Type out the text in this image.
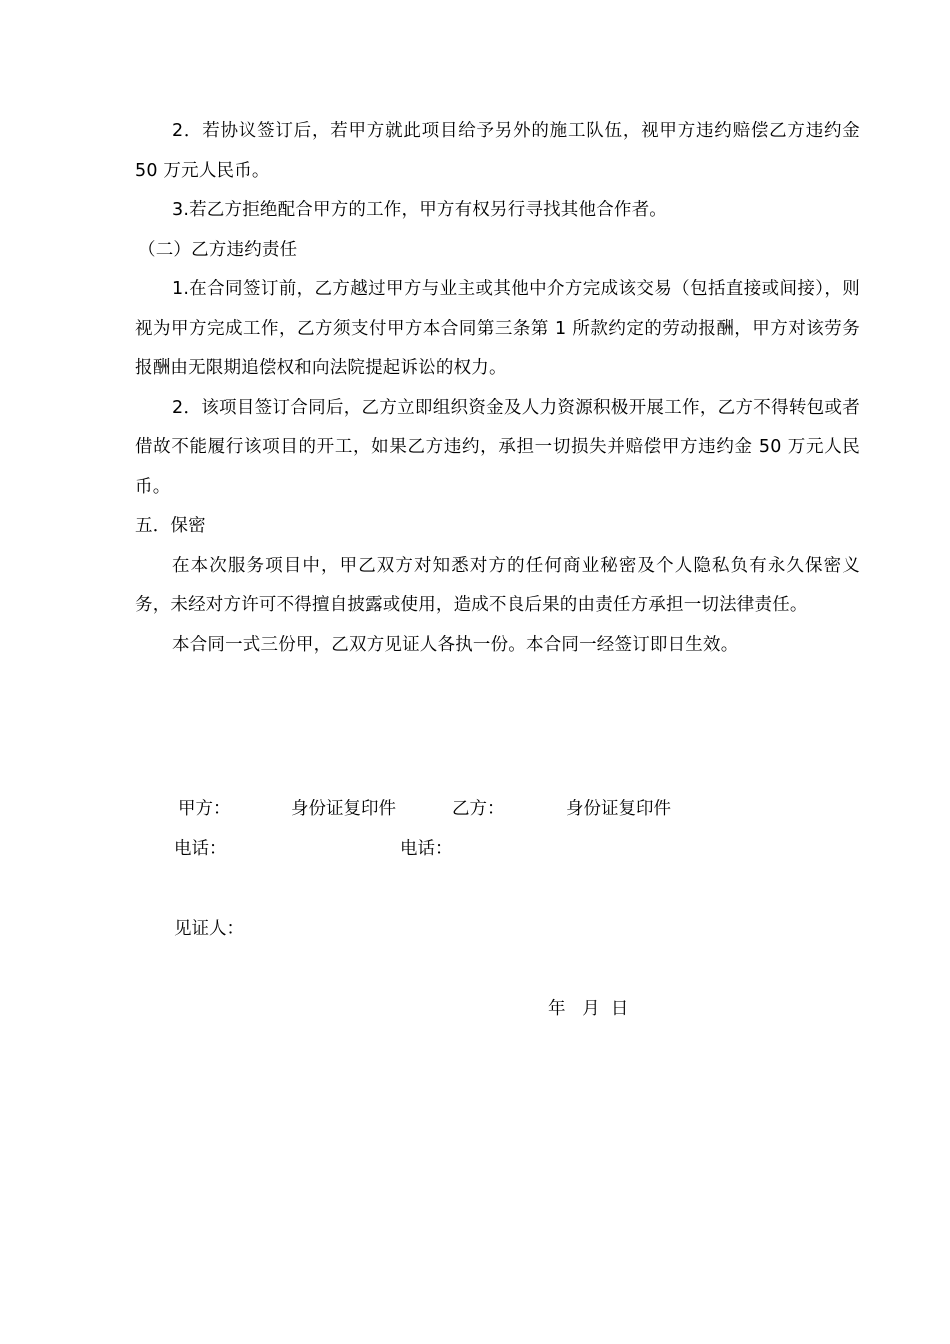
2．若协议签订后，若甲方就此项目给予另外的施工队伍，视甲方违约赔偿乙方违约金 50 万元人民币。

3.若乙方拒绝配合甲方的工作，甲方有权另行寻找其他合作者。

（二）乙方违约责任

1.在合同签订前，乙方越过甲方与业主或其他中介方完成该交易（包括直接或间接），则视为甲方完成工作，乙方须支付甲方本合同第三条第 1 所款约定的劳动报酬，甲方对该劳务报酬由无限期追偿权和向法院提起诉讼的权力。

2．该项目签订合同后，乙方立即组织资金及人力资源积极开展工作，乙方不得转包或者借故不能履行该项目的开工，如果乙方违约，承担一切损失并赔偿甲方违约金 50 万元人民币。

五．保密

在本次服务项目中，甲乙双方对知悉对方的任何商业秘密及个人隐私负有永久保密义务，未经对方许可不得擅自披露或使用，造成不良后果的由责任方承担一切法律责任。

本合同一式三份甲，乙双方见证人各执一份。本合同一经签订即日生效。

甲方：	身份证复印件	乙方：	身份证复印件
电话：	电话：
见证人：
年   月  日
